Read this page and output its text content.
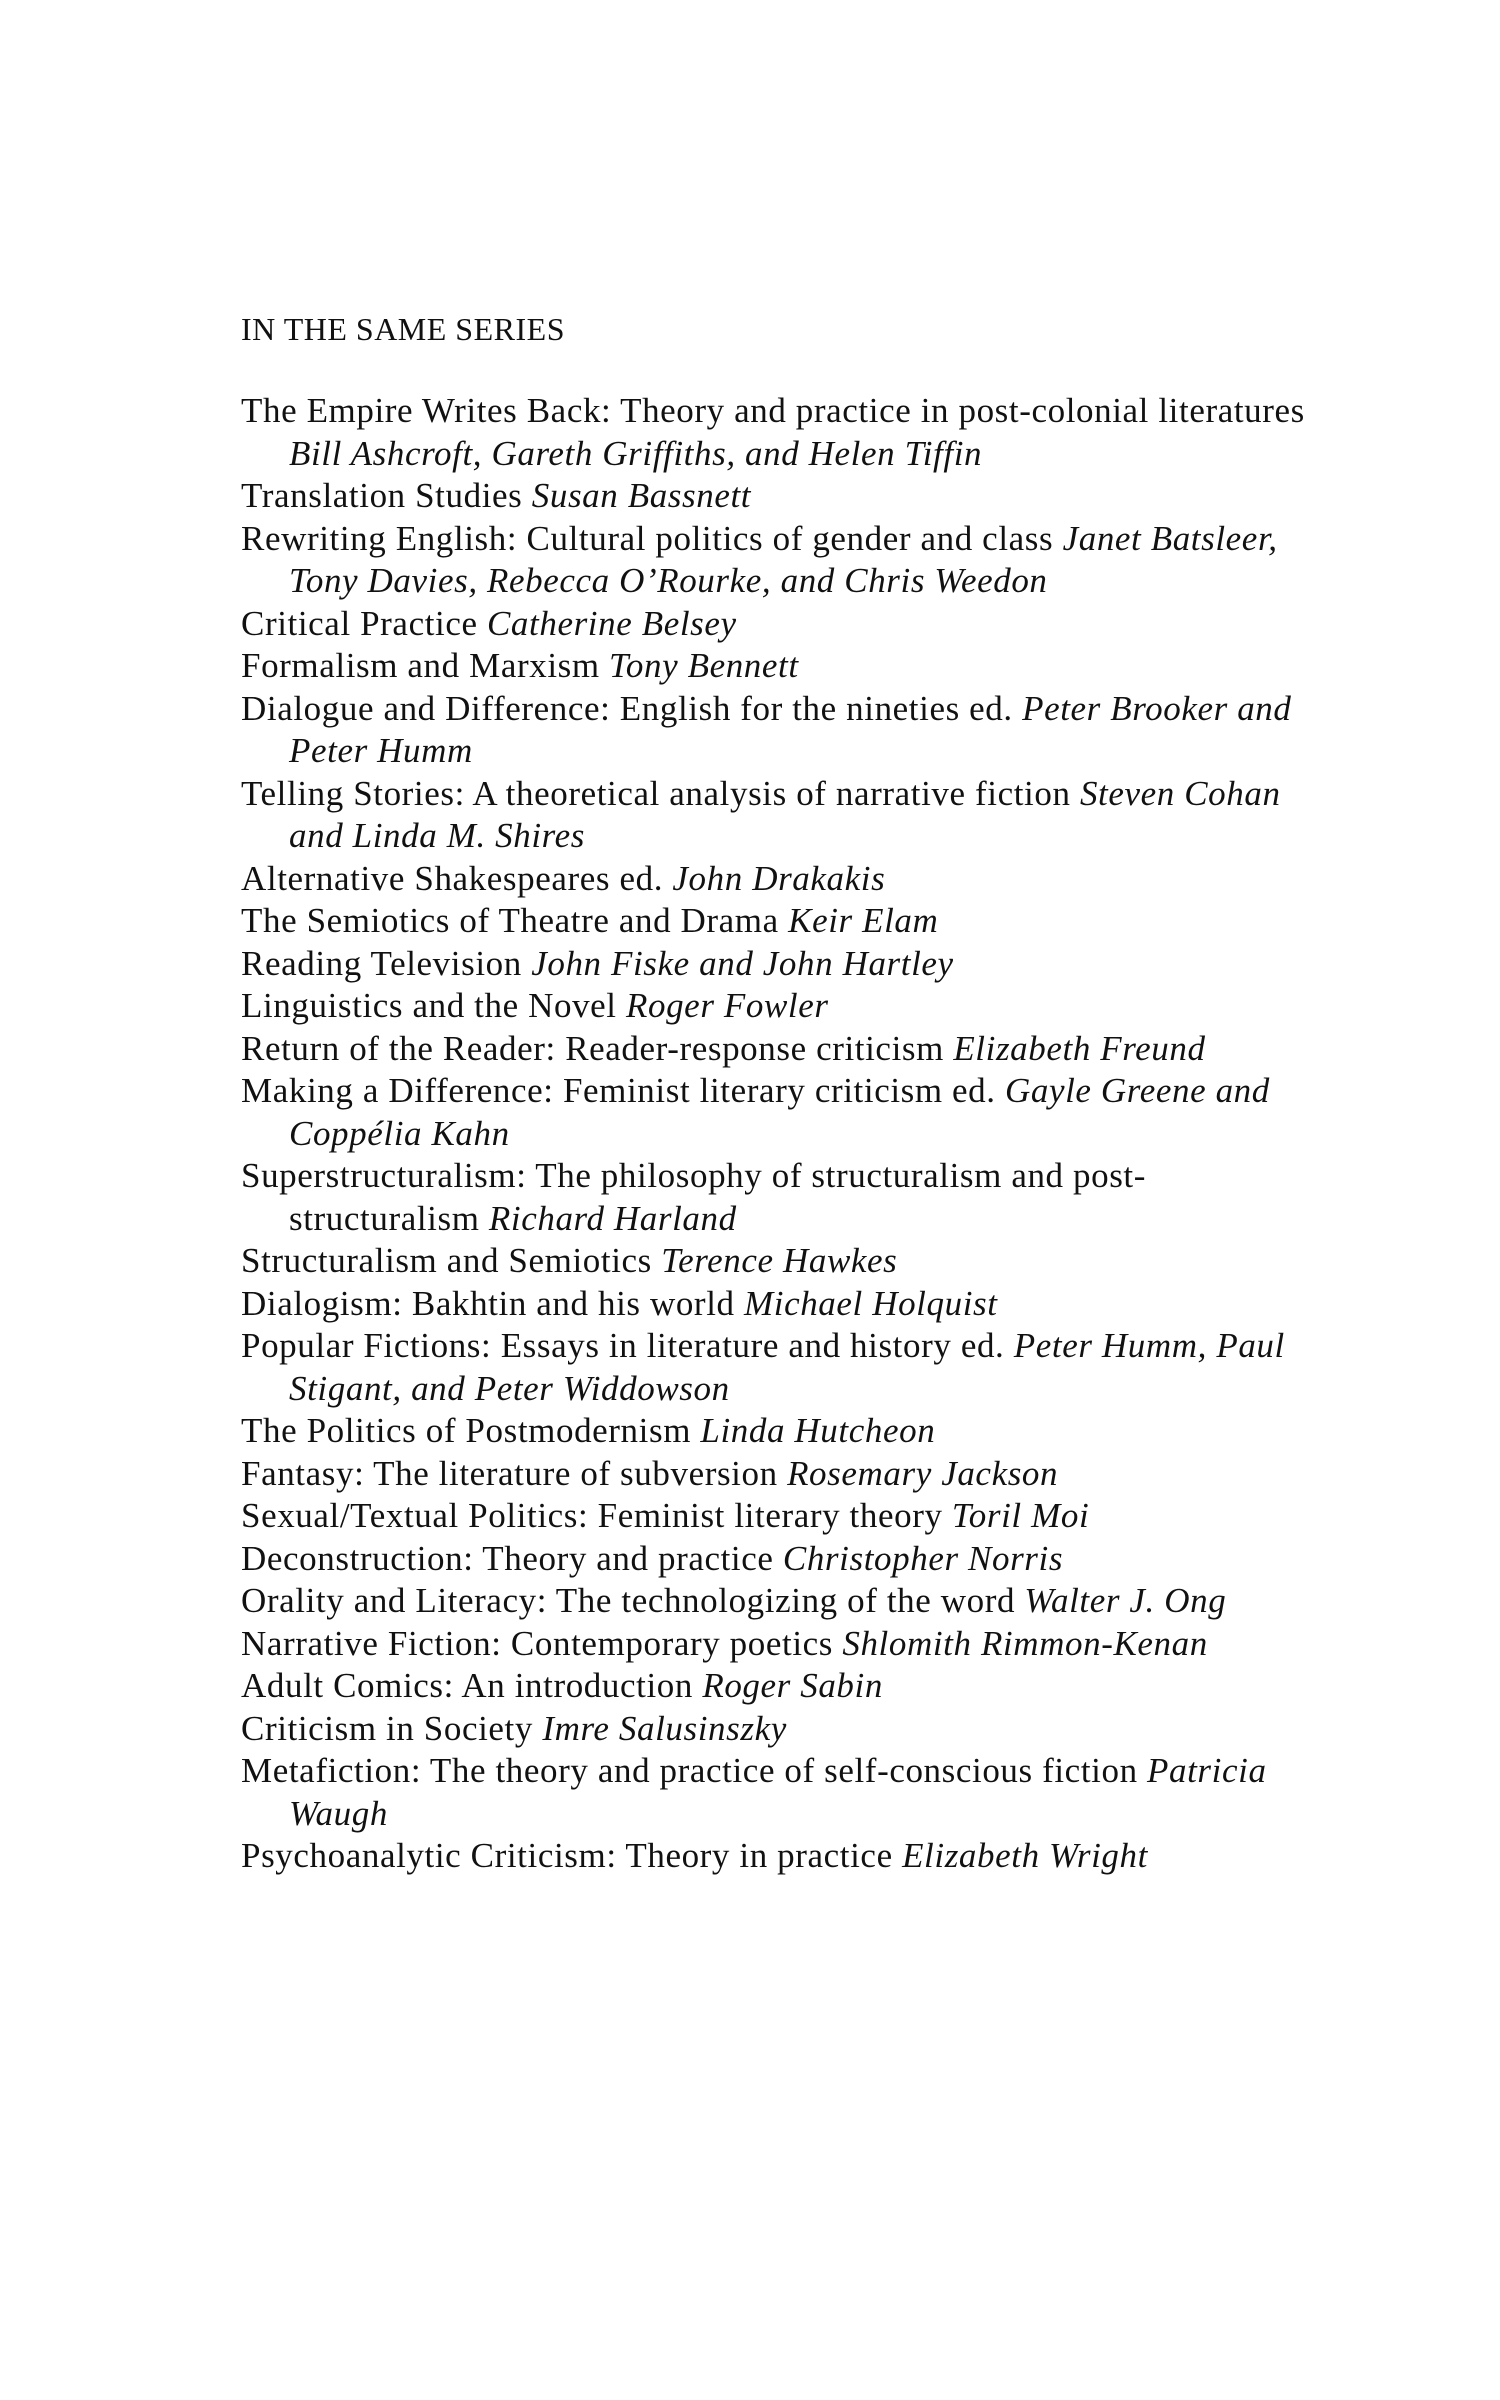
IN THE SAME SERIES
The Empire Writes Back: Theory and practice in post-colonial literatures Bill Ashcroft, Gareth Griffiths, and Helen Tiffin
Translation Studies Susan Bassnett
Rewriting English: Cultural politics of gender and class Janet Batsleer, Tony Davies, Rebecca O’Rourke, and Chris Weedon
Critical Practice Catherine Belsey
Formalism and Marxism Tony Bennett
Dialogue and Difference: English for the nineties ed. Peter Brooker and Peter Humm
Telling Stories: A theoretical analysis of narrative fiction Steven Cohan and Linda M. Shires
Alternative Shakespeares ed. John Drakakis
The Semiotics of Theatre and Drama Keir Elam
Reading Television John Fiske and John Hartley
Linguistics and the Novel Roger Fowler
Return of the Reader: Reader-response criticism Elizabeth Freund
Making a Difference: Feminist literary criticism ed. Gayle Greene and Coppélia Kahn
Superstructuralism: The philosophy of structuralism and post-structuralism Richard Harland
Structuralism and Semiotics Terence Hawkes
Dialogism: Bakhtin and his world Michael Holquist
Popular Fictions: Essays in literature and history ed. Peter Humm, Paul Stigant, and Peter Widdowson
The Politics of Postmodernism Linda Hutcheon
Fantasy: The literature of subversion Rosemary Jackson
Sexual/Textual Politics: Feminist literary theory Toril Moi
Deconstruction: Theory and practice Christopher Norris
Orality and Literacy: The technologizing of the word Walter J. Ong
Narrative Fiction: Contemporary poetics Shlomith Rimmon-Kenan
Adult Comics: An introduction Roger Sabin
Criticism in Society Imre Salusinszky
Metafiction: The theory and practice of self-conscious fiction Patricia Waugh
Psychoanalytic Criticism: Theory in practice Elizabeth Wright
